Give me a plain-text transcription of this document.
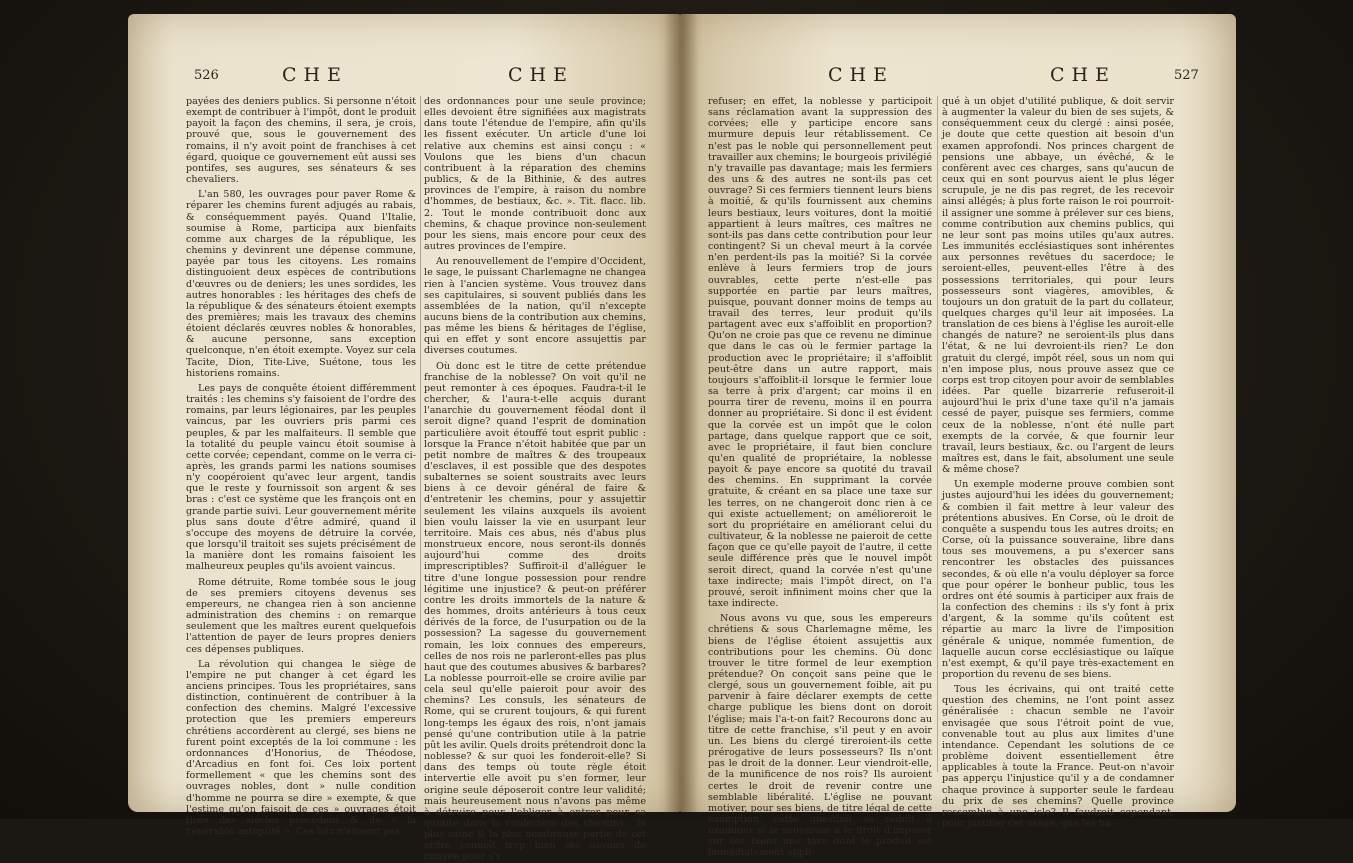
526	CHE	CHE

payées des deniers publics. Si personne n'étoit exempt de contribuer à l'impôt, dont le produit payoit la façon des chemins, il sera, je crois, prouvé que, sous le gouvernement des romains, il n'y avoit point de franchises à cet égard, quoique ce gouvernement eût aussi ses pontifes, ses augures, ses sénateurs & ses chevaliers.

L'an 580, les ouvrages pour paver Rome & réparer les chemins furent adjugés au rabais, & conséquemment payés. Quand l'Italie, soumise à Rome, participa aux bienfaits comme aux charges de la république, les chemins y devinrent une dépense commune, payée par tous les citoyens. Les romains distinguoient deux espèces de contributions d'œuvres ou de deniers; les unes sordides, les autres honorables : les héritages des chefs de la république & des sénateurs étoient exempts des premières; mais les travaux des chemins étoient déclarés œuvres nobles & honorables, & aucune personne, sans exception quelconque, n'en étoit exempte. Voyez sur cela Tacite, Dion, Tite-Live, Suétone, tous les historiens romains.

Les pays de conquête étoient différemment traités : les chemins s'y faisoient de l'ordre des romains, par leurs légionaires, par les peuples vaincus, par les ouvriers pris parmi ces peuples, & par les malfaiteurs. Il semble que la totalité du peuple vaincu étoit soumise à cette corvée; cependant, comme on le verra ci-après, les grands parmi les nations soumises n'y coopéroient qu'avec leur argent, tandis que le reste y fournissoit son argent & ses bras : c'est ce système que les françois ont en grande partie suivi. Leur gouvernement mérite plus sans doute d'être admiré, quand il s'occupe des moyens de détruire la corvée, que lorsqu'il traitoit ses sujets précisément de la manière dont les romains faisoient les malheureux peuples qu'ils avoient vaincus.

Rome détruite, Rome tombée sous le joug de ses premiers citoyens devenus ses empereurs, ne changea rien à son ancienne administration des chemins : on remarque seulement que les maîtres eurent quelquefois l'attention de payer de leurs propres deniers ces dépenses publiques.

La révolution qui changea le siège de l'empire ne put changer à cet égard les anciens principes. Tous les propriétaires, sans distinction, continuèrent de contribuer à la confection des chemins. Malgré l'excessive protection que les premiers empereurs chrétiens accordèrent au clergé, ses biens ne furent point exceptés de la loi commune : les ordonnances d'Honorius, de Théodose, d'Arcadius en font foi. Ces loix portent formellement « que les chemins sont des ouvrages nobles, dont » nulle condition d'homme ne pourra se dire » exempte, & que l'estime qu'on faisoit de ces » ouvrages étoit tirée des siècles précédens & de » la vénérable antiquité ». Ces loix n'étoient pas

des ordonnances pour une seule province; elles devoient être signifiées aux magistrats dans toute l'étendue de l'empire, afin qu'ils les fissent exécuter. Un article d'une loi relative aux chemins est ainsi conçu : « Voulons que les biens d'un chacun contribuent à la réparation des chemins publics, & de la Bithinie, & des autres provinces de l'empire, à raison du nombre d'hommes, de bestiaux, &c. ». Tit. flacc. lib. 2. Tout le monde contribuoit donc aux chemins, & chaque province non-seulement pour les siens, mais encore pour ceux des autres provinces de l'empire.

Au renouvellement de l'empire d'Occident, le sage, le puissant Charlemagne ne changea rien à l'ancien système. Vous trouvez dans ses capitulaires, si souvent publiés dans les assemblées de la nation, qu'il n'excepte aucuns biens de la contribution aux chemins, pas même les biens & héritages de l'église, qui en effet y sont encore assujettis par diverses coutumes.

Où donc est le titre de cette prétendue franchise de la noblesse? On voit qu'il ne peut remonter à ces époques. Faudra-t-il le chercher, & l'aura-t-elle acquis durant l'anarchie du gouvernement féodal dont il seroit digne? quand l'esprit de domination particulière avoit étouffé tout esprit public : lorsque la France n'étoit habitée que par un petit nombre de maîtres & des troupeaux d'esclaves, il est possible que des despotes subalternes se soient soustraits avec leurs biens à ce devoir général de faire & d'entretenir les chemins, pour y assujettir seulement les vilains auxquels ils avoient bien voulu laisser la vie en usurpant leur territoire. Mais ces abus, nés d'abus plus monstrueux encore, nous seront-ils donnés aujourd'hui comme des droits imprescriptibles? Suffiroit-il d'alléguer le titre d'une longue possession pour rendre légitime une injustice? & peut-on préférer contre les droits immortels de la nature & des hommes, droits antérieurs à tous ceux dérivés de la force, de l'usurpation ou de la possession? La sagesse du gouvernement romain, les loix connues des empereurs, celles de nos rois ne parleront-elles pas plus haut que des coutumes abusives & barbares? La noblesse pourroit-elle se croire avilie par cela seul qu'elle paieroit pour avoir des chemins? Les consuls, les sénateurs de Rome, qui se crurent toujours, & qui furent long-temps les égaux des rois, n'ont jamais pensé qu'une contribution utile à la patrie pût les avilir. Quels droits prétendroit donc la noblesse? & sur quoi les fonderoit-elle? Si dans des temps où toute règle étoit intervertie elle avoit pu s'en former, leur origine seule déposeroit contre leur validité; mais heureusement nous n'avons pas même à détruire pour l'obliger à entrer pour sa quotité dans la confection des chemins : la plus saine & la plus nombreuse partie de cet ordre connoît trop bien ses devoirs de citoyen pour s'y

CHE	CHE	527

refuser; en effet, la noblesse y participoit sans réclamation avant la suppression des corvées; elle y participe encore sans murmure depuis leur rétablissement. Ce n'est pas le noble qui personnellement peut travailler aux chemins; le bourgeois privilégié n'y travaille pas davantage; mais les fermiers des uns & des autres ne sont-ils pas cet ouvrage? Si ces fermiers tiennent leurs biens à moitié, & qu'ils fournissent aux chemins leurs bestiaux, leurs voitures, dont la moitié appartient à leurs maîtres, ces maîtres ne sont-ils pas dans cette contribution pour leur contingent? Si un cheval meurt à la corvée n'en perdent-ils pas la moitié? Si la corvée enlève à leurs fermiers trop de jours ouvrables, cette perte n'est-elle pas supportée en partie par leurs maîtres, puisque, pouvant donner moins de temps au travail des terres, leur produit qu'ils partagent avec eux s'affoiblit en proportion? Qu'on ne croie pas que ce revenu ne diminue que dans le cas où le fermier partage la production avec le propriétaire; il s'affoiblit peut-être dans un autre rapport, mais toujours s'affoiblit-il lorsque le fermier loue sa terre à prix d'argent; car moins il en pourra tirer de revenu, moins il en pourra donner au propriétaire. Si donc il est évident que la corvée est un impôt que le colon partage, dans quelque rapport que ce soit, avec le propriétaire, il faut bien conclure qu'en qualité de propriétaire, la noblesse payoit & paye encore sa quotité du travail des chemins. En supprimant la corvée gratuite, & créant en sa place une taxe sur les terres, on ne changeroit donc rien à ce qui existe actuellement; on amélioreroit le sort du propriétaire en améliorant celui du cultivateur, & la noblesse ne paieroit de cette façon que ce qu'elle payoit de l'autre, il cette seule différence près que le nouvel impôt seroit direct, quand la corvée n'est qu'une taxe indirecte; mais l'impôt direct, on l'a prouvé, seroit infiniment moins cher que la taxe indirecte.

Nous avons vu que, sous les empereurs chrétiens & sous Charlemagne même, les biens de l'église étoient assujettis aux contributions pour les chemins. Où donc trouver le titre formel de leur exemption prétendue? On conçoit sans peine que le clergé, sous un gouvernement foible, ait pu parvenir à faire déclarer exempts de cette charge publique les biens dont on doroit l'église; mais l'a-t-on fait? Recourons donc au titre de cette franchise, s'il peut y en avoir un. Les biens du clergé tireroient-ils cette prérogative de leurs possesseurs? Ils n'ont pas le droit de la donner. Leur viendroit-elle, de la munificence de nos rois? Ils auroient certes le droit de revenir contre une semblable libéralité. L'église ne pouvant motiver, pour ses biens, de titre légal de cette exemption, cette question se réduit à examiner si le souverain a le droit d'imposer sur ses biens une taxe dont le produit est immédiatement appli-

qué à un objet d'utilité publique, & doit servir à augmenter la valeur du bien de ses sujets, & conséquemment ceux du clergé : ainsi posée, je doute que cette question ait besoin d'un examen approfondi. Nos princes chargent de pensions une abbaye, un évêché, & le confèrent avec ces charges, sans qu'aucun de ceux qui en sont pourvus aient le plus léger scrupule, je ne dis pas regret, de les recevoir ainsi allégés; à plus forte raison le roi pourroit-il assigner une somme à prélever sur ces biens, comme contribution aux chemins publics, qui ne leur sont pas moins utiles qu'aux autres. Les immunités ecclésiastiques sont inhérentes aux personnes revêtues du sacerdoce; le seroient-elles, peuvent-elles l'être à des possessions territoriales, qui pour leurs possesseurs sont viagères, amovibles, & toujours un don gratuit de la part du collateur, quelques charges qu'il leur ait imposées. La translation de ces biens à l'église les auroit-elle changés de nature? ne seroient-ils plus dans l'état, & ne lui devroient-ils rien? Le don gratuit du clergé, impôt réel, sous un nom qui n'en impose plus, nous prouve assez que ce corps est trop citoyen pour avoir de semblables idées. Par quelle bizarrerie refuseroit-il aujourd'hui le prix d'une taxe qu'il n'a jamais cessé de payer, puisque ses fermiers, comme ceux de la noblesse, n'ont été nulle part exempts de la corvée, & que fournir leur travail, leurs bestiaux, &c. ou l'argent de leurs maîtres est, dans le fait, absolument une seule & même chose?

Un exemple moderne prouve combien sont justes aujourd'hui les idées du gouvernement; & combien il fait mettre à leur valeur des prétentions abusives. En Corse, où le droit de conquête a suspendu tous les autres droits; en Corse, où la puissance souveraine, libre dans tous ses mouvemens, a pu s'exercer sans rencontrer les obstacles des puissances secondes, & où elle n'a voulu déployer sa force que pour opérer le bonheur public, tous les ordres ont été soumis à participer aux frais de la confection des chemins : ils s'y font à prix d'argent, & la somme qu'ils coûtent est répartie au marc la livre de l'imposition générale & unique, nommée fumention, de laquelle aucun corse ecclésiastique ou laïque n'est exempt, & qu'il paye très-exactement en proportion du revenu de ses biens.

Tous les écrivains, qui ont traité cette question des chemins, ne l'ont point assez généralisée : chacun semble ne l'avoir envisagée que sous l'étroit point de vue, convenable tout au plus aux limites d'une intendance. Cependant les solutions de ce problème doivent essentiellement être applicables à toute la France. Peut-on n'avoir pas apperçu l'injustice qu'il y a de condamner chaque province à supporter seule le fardeau du prix de ses chemins? Quelle province ressemble à une isle? Il faudroit cependant, pour justifier cet usage, que les ha-
